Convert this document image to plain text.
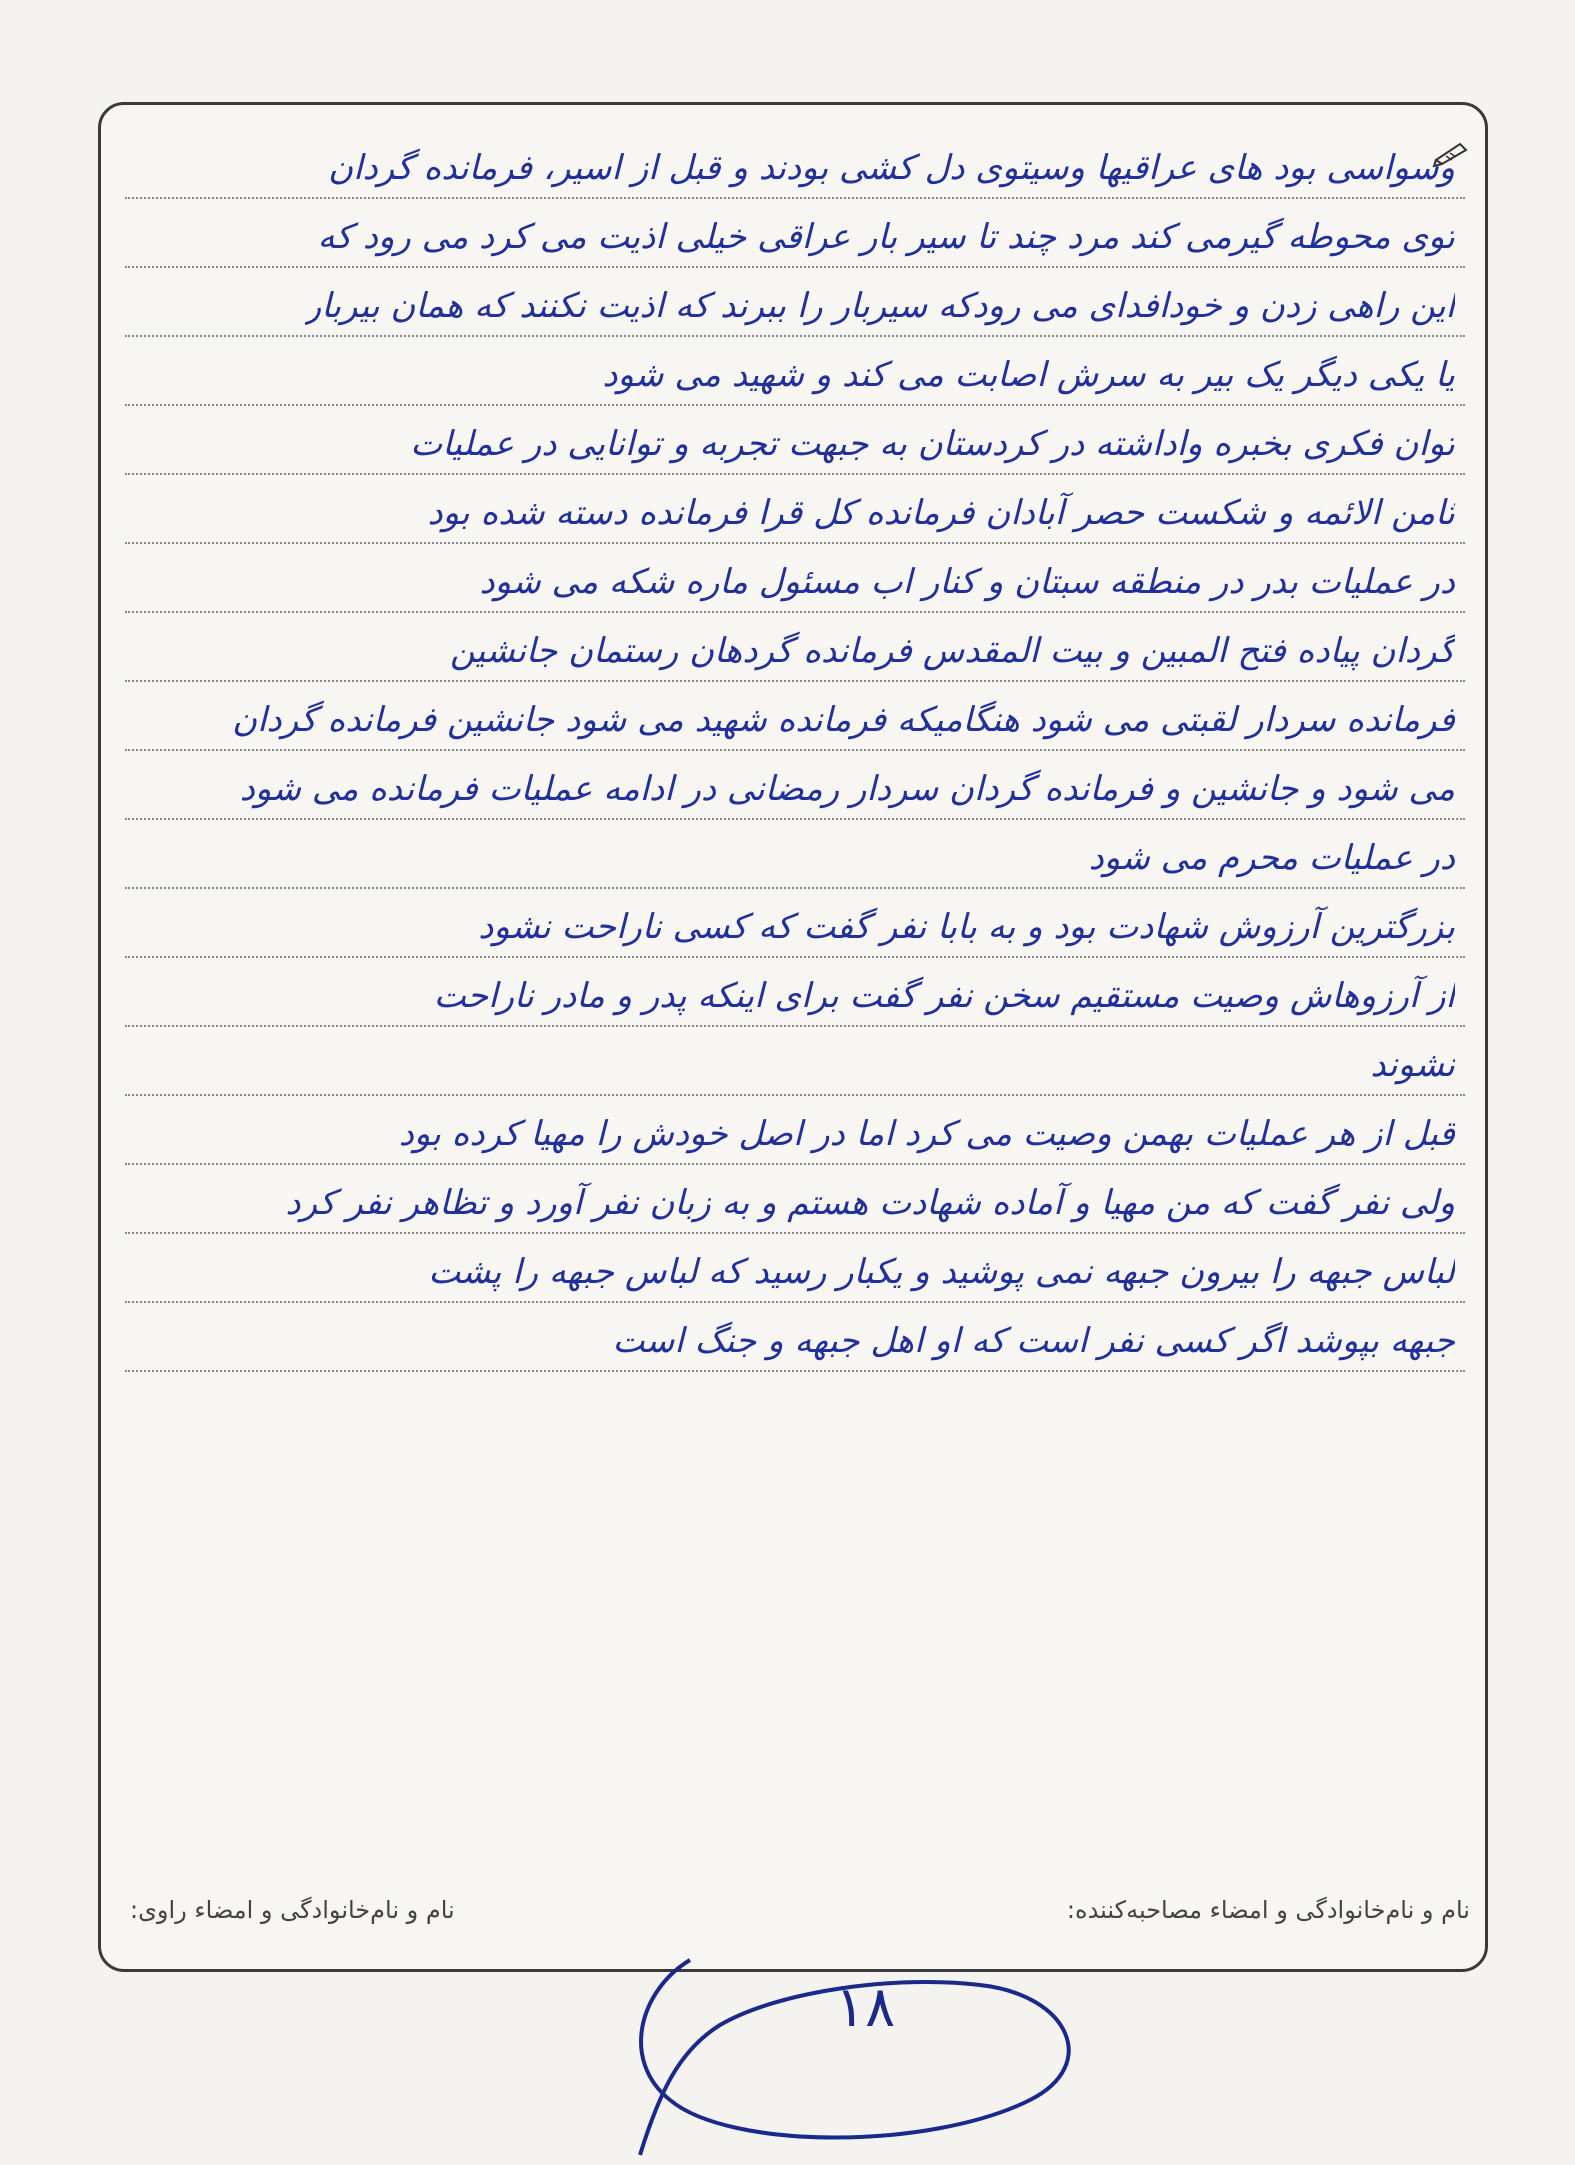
وسواسی بود های عراقیها وسیتوی دل کشی بودند و قبل از اسیر، فرمانده گردان
توی محوطه گیرمی کند مرد چند تا سیر بار عراقی خیلی اذیت می کرد می رود که
این راهی زدن و خودافدای می رودکه سیربار را ببرند که اذیت نکنند که همان بیربار
یا یکی دیگر یک بیر به سرش اصابت می کند و شهید می شود
توان فکری بخبره واداشته در کردستان به جبهت تجربه و توانایی در عملیات
ثامن الائمه و شکست حصر آبادان فرمانده کل قرا فرمانده دسته شده بود
در عملیات بدر در منطقه سبتان و کنار اب مسئول ماره شکه می شود
گردان پیاده فتح المبین و بیت المقدس فرمانده گردهان رستمان جانشین
فرمانده سردار لقبتی می شود هنگامیکه فرمانده شهید می شود جانشین فرمانده گردان
می شود و جانشین و فرمانده گردان سردار رمضانی در ادامه عملیات فرمانده می شود
در عملیات محرم می شود
بزرگترین آرزوش شهادت بود و به بابا نفر گفت که کسی ناراحت نشود
از آرزوهاش وصیت مستقیم سخن نفر گفت برای اینکه پدر و مادر ناراحت
نشوند
قبل از هر عملیات بهمن وصیت می کرد اما در اصل خودش را مهیا کرده بود
ولی نفر گفت که من مهیا و آماده شهادت هستم و به زبان نفر آورد و تظاهر نفر کرد
لباس جبهه را بیرون جبهه نمی پوشید و یکبار رسید که لباس جبهه را پشت
جبهه بپوشد اگر کسی نفر است که او اهل جبهه و جنگ است
نام و نام‌خانوادگی و امضاء مصاحبه‌کننده:
نام و نام‌خانوادگی و امضاء راوی:
۱۸
